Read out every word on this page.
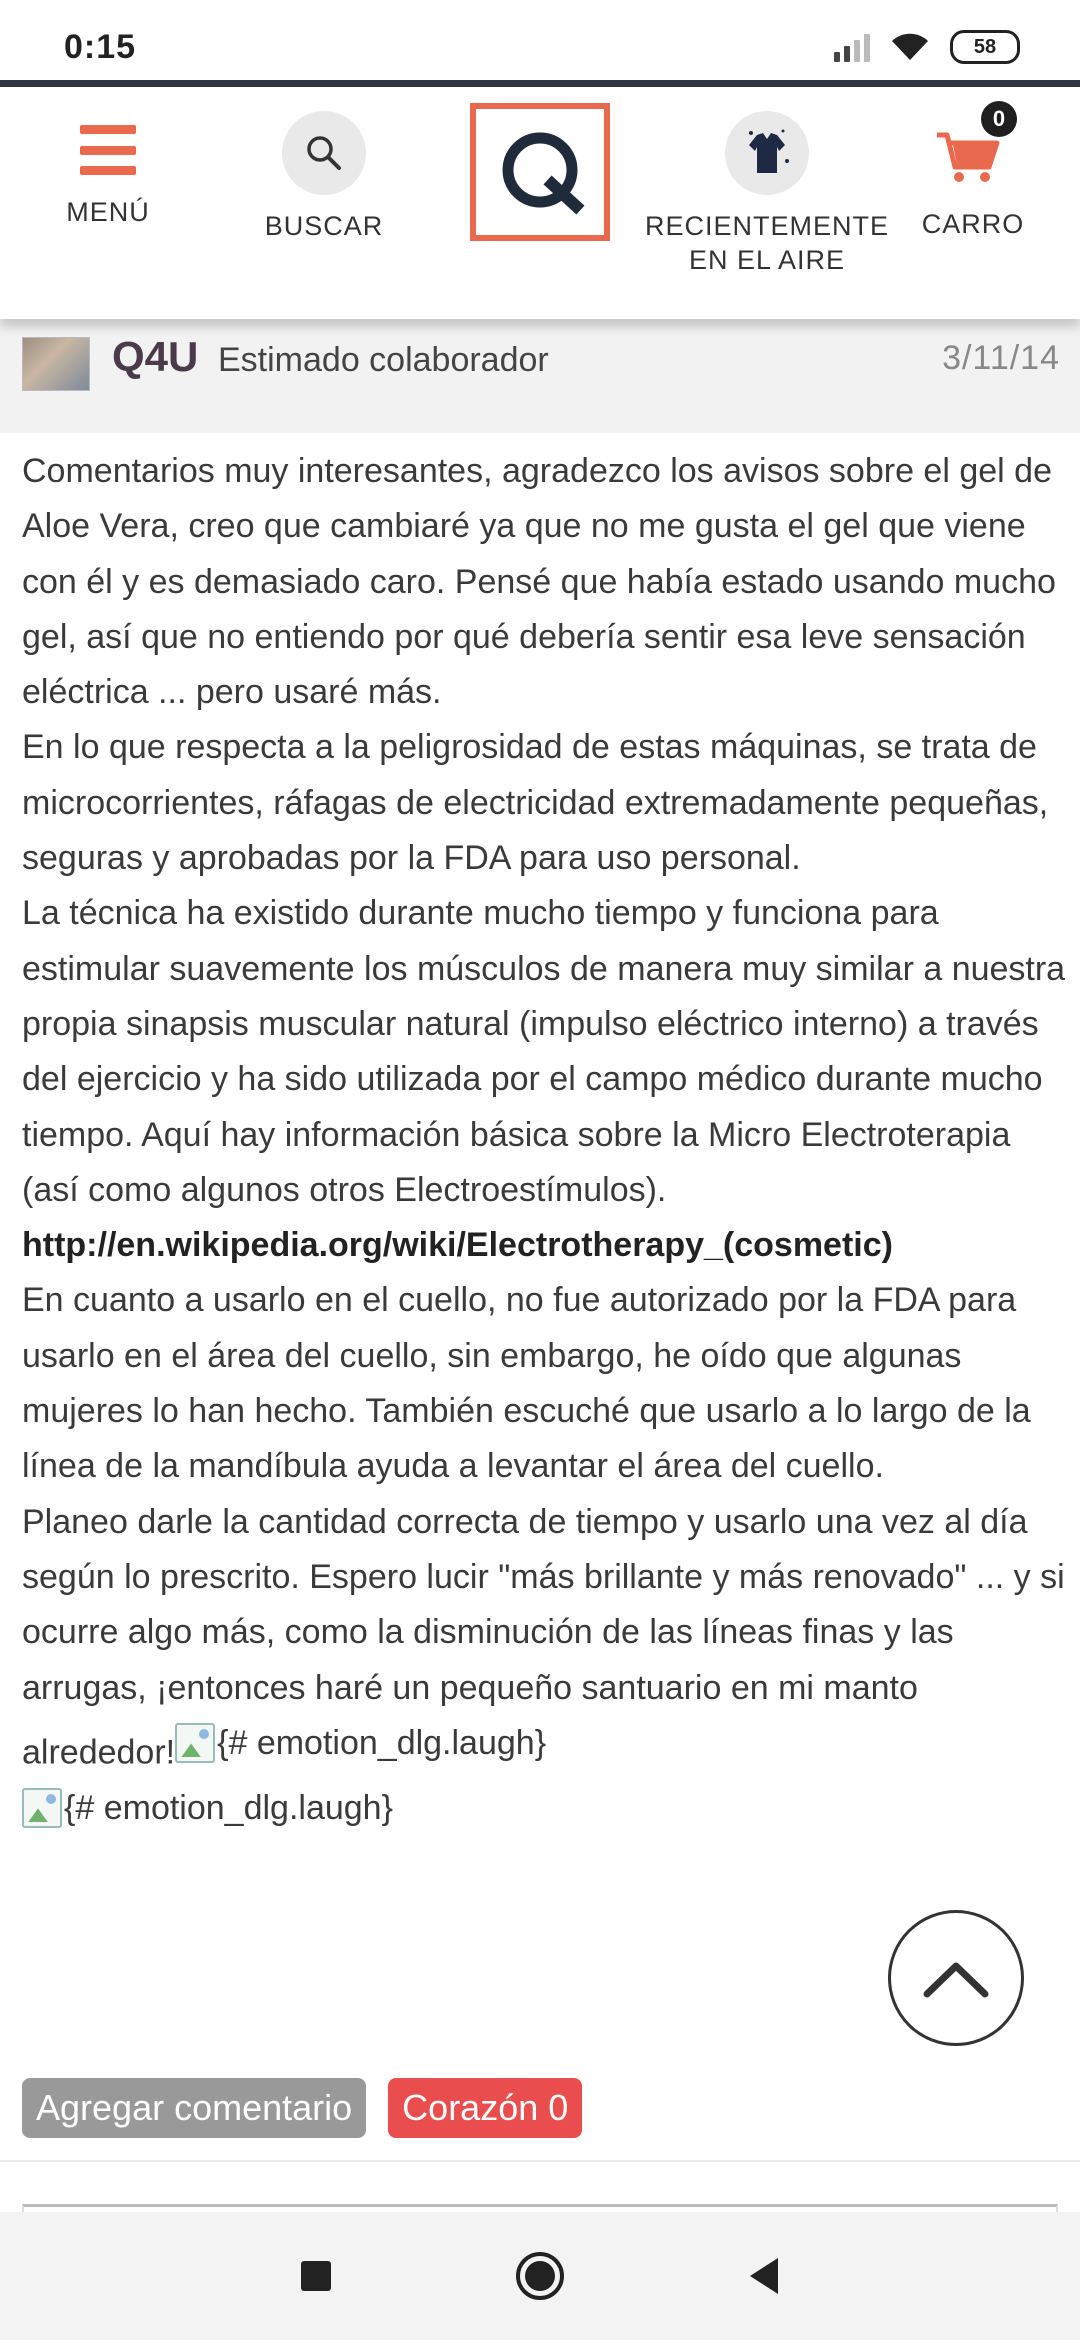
0:15	58
MENÚ	BUSCAR	RECIENTEMENTE
EN EL AIRE
0
CARRO
Q4U Estimado colaborador	3/11/14

Comentarios muy interesantes, agradezco los avisos sobre el gel de Aloe Vera, creo que cambiaré ya que no me gusta el gel que viene con él y es demasiado caro. Pensé que había estado usando mucho gel, así que no entiendo por qué debería sentir esa leve sensación eléctrica ... pero usaré más.

En lo que respecta a la peligrosidad de estas máquinas, se trata de microcorrientes, ráfagas de electricidad extremadamente pequeñas, seguras y aprobadas por la FDA para uso personal.

La técnica ha existido durante mucho tiempo y funciona para estimular suavemente los músculos de manera muy similar a nuestra propia sinapsis muscular natural (impulso eléctrico interno) a través del ejercicio y ha sido utilizada por el campo médico durante mucho tiempo. Aquí hay información básica sobre la Micro Electroterapia (así como algunos otros Electroestímulos).

http://en.wikipedia.org/wiki/Electrotherapy_(cosmetic)

En cuanto a usarlo en el cuello, no fue autorizado por la FDA para usarlo en el área del cuello, sin embargo, he oído que algunas mujeres lo han hecho. También escuché que usarlo a lo largo de la línea de la mandíbula ayuda a levantar el área del cuello.

Planeo darle la cantidad correcta de tiempo y usarlo una vez al día según lo prescrito. Espero lucir "más brillante y más renovado" ... y si ocurre algo más, como la disminución de las líneas finas y las arrugas, ¡entonces haré un pequeño santuario en mi manto alrededor! {# emotion_dlg.laugh}

{# emotion_dlg.laugh}

Agregar comentario	Corazón 0
